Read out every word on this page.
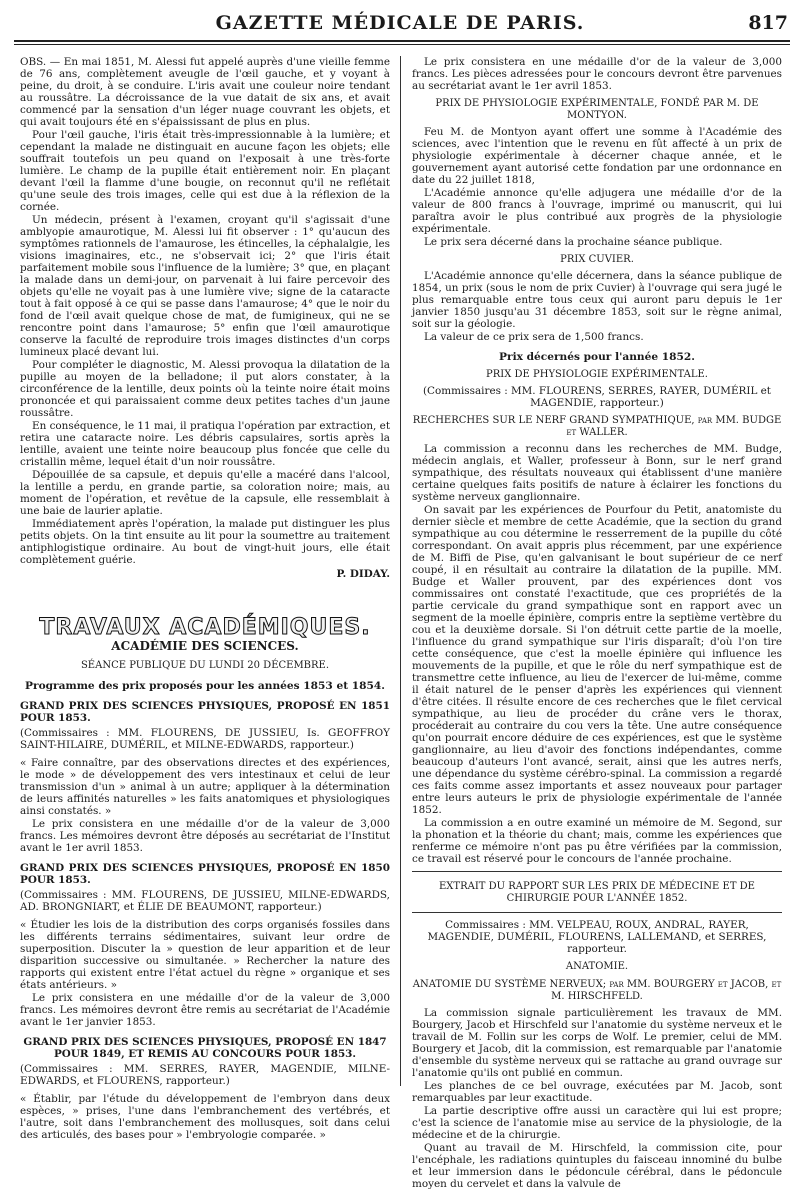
GAZETTE MÉDICALE DE PARIS.	817

OBS. — En mai 1851, M. Alessi fut appelé auprès d'une vieille femme de 76 ans, complètement aveugle de l'œil gauche, et y voyant à peine, du droit, à se conduire. L'iris avait une couleur noire tendant au roussâtre. La décroissance de la vue datait de six ans, et avait commencé par la sensation d'un léger nuage couvrant les objets, et qui avait toujours été en s'épaississant de plus en plus.

Pour l'œil gauche, l'iris était très-impressionnable à la lumière; et cependant la malade ne distinguait en aucune façon les objets; elle souffrait toutefois un peu quand on l'exposait à une très-forte lumière. Le champ de la pupille était entièrement noir. En plaçant devant l'œil la flamme d'une bougie, on reconnut qu'il ne reflétait qu'une seule des trois images, celle qui est due à la réflexion de la cornée.

Un médecin, présent à l'examen, croyant qu'il s'agissait d'une amblyopie amaurotique, M. Alessi lui fit observer : 1° qu'aucun des symptômes rationnels de l'amaurose, les étincelles, la céphalalgie, les visions imaginaires, etc., ne s'observait ici; 2° que l'iris était parfaitement mobile sous l'influence de la lumière; 3° que, en plaçant la malade dans un demi-jour, on parvenait à lui faire percevoir des objets qu'elle ne voyait pas à une lumière vive; signe de la cataracte tout à fait opposé à ce qui se passe dans l'amaurose; 4° que le noir du fond de l'œil avait quelque chose de mat, de fumigineux, qui ne se rencontre point dans l'amaurose; 5° enfin que l'œil amaurotique conserve la faculté de reproduire trois images distinctes d'un corps lumineux placé devant lui.

Pour compléter le diagnostic, M. Alessi provoqua la dilatation de la pupille au moyen de la belladone; il put alors constater, à la circonférence de la lentille, deux points où la teinte noire était moins prononcée et qui paraissaient comme deux petites taches d'un jaune roussâtre.

En conséquence, le 11 mai, il pratiqua l'opération par extraction, et retira une cataracte noire. Les débris capsulaires, sortis après la lentille, avaient une teinte noire beaucoup plus foncée que celle du cristallin même, lequel était d'un noir roussâtre.

Dépouillée de sa capsule, et depuis qu'elle a macéré dans l'alcool, la lentille a perdu, en grande partie, sa coloration noire; mais, au moment de l'opération, et revêtue de la capsule, elle ressemblait à une baie de laurier aplatie.

Immédiatement après l'opération, la malade put distinguer les plus petits objets. On la tint ensuite au lit pour la soumettre au traitement antiphlogistique ordinaire. Au bout de vingt-huit jours, elle était complètement guérie.

P. DIDAY.

TRAVAUX ACADÉMIQUES.
ACADÉMIE DES SCIENCES.
SÉANCE PUBLIQUE DU LUNDI 20 DÉCEMBRE.
Programme des prix proposés pour les années 1853 et 1854.

GRAND PRIX DES SCIENCES PHYSIQUES, PROPOSÉ EN 1851 POUR 1853.

(Commissaires : MM. FLOURENS, DE JUSSIEU, Is. GEOFFROY SAINT-HILAIRE, DUMÉRIL, et MILNE-EDWARDS, rapporteur.)

« Faire connaître, par des observations directes et des expériences, le mode » de développement des vers intestinaux et celui de leur transmission d'un » animal à un autre; appliquer à la détermination de leurs affinités naturelles » les faits anatomiques et physiologiques ainsi constatés. »

Le prix consistera en une médaille d'or de la valeur de 3,000 francs. Les mémoires devront être déposés au secrétariat de l'Institut avant le 1er avril 1853.

GRAND PRIX DES SCIENCES PHYSIQUES, PROPOSÉ EN 1850 POUR 1853.

(Commissaires : MM. FLOURENS, DE JUSSIEU, MILNE-EDWARDS, AD. BRONGNIART, et ÉLIE DE BEAUMONT, rapporteur.)

« Étudier les lois de la distribution des corps organisés fossiles dans les différents terrains sédimentaires, suivant leur ordre de superposition. Discuter la » question de leur apparition et de leur disparition successive ou simultanée. » Rechercher la nature des rapports qui existent entre l'état actuel du règne » organique et ses états antérieurs. »

Le prix consistera en une médaille d'or de la valeur de 3,000 francs. Les mémoires devront être remis au secrétariat de l'Académie avant le 1er janvier 1853.

GRAND PRIX DES SCIENCES PHYSIQUES, PROPOSÉ EN 1847 POUR 1849, ET REMIS AU CONCOURS POUR 1853.

(Commissaires : MM. SERRES, RAYER, MAGENDIE, MILNE-EDWARDS, et FLOURENS, rapporteur.)

« Établir, par l'étude du développement de l'embryon dans deux espèces, » prises, l'une dans l'embranchement des vertébrés, et l'autre, soit dans l'embranchement des mollusques, soit dans celui des articulés, des bases pour » l'embryologie comparée. »

Le prix consistera en une médaille d'or de la valeur de 3,000 francs. Les pièces adressées pour le concours devront être parvenues au secrétariat avant le 1er avril 1853.

PRIX DE PHYSIOLOGIE EXPÉRIMENTALE, FONDÉ PAR M. DE MONTYON.

Feu M. de Montyon ayant offert une somme à l'Académie des sciences, avec l'intention que le revenu en fût affecté à un prix de physiologie expérimentale à décerner chaque année, et le gouvernement ayant autorisé cette fondation par une ordonnance en date du 22 juillet 1818,

L'Académie annonce qu'elle adjugera une médaille d'or de la valeur de 800 francs à l'ouvrage, imprimé ou manuscrit, qui lui paraîtra avoir le plus contribué aux progrès de la physiologie expérimentale.

Le prix sera décerné dans la prochaine séance publique.

PRIX CUVIER.

L'Académie annonce qu'elle décernera, dans la séance publique de 1854, un prix (sous le nom de prix Cuvier) à l'ouvrage qui sera jugé le plus remarquable entre tous ceux qui auront paru depuis le 1er janvier 1850 jusqu'au 31 décembre 1853, soit sur le règne animal, soit sur la géologie.

La valeur de ce prix sera de 1,500 francs.

Prix décernés pour l'année 1852.
PRIX DE PHYSIOLOGIE EXPÉRIMENTALE.

(Commissaires : MM. FLOURENS, SERRES, RAYER, DUMÉRIL et MAGENDIE, rapporteur.)

RECHERCHES SUR LE NERF GRAND SYMPATHIQUE, par MM. BUDGE et WALLER.

La commission a reconnu dans les recherches de MM. Budge, médecin anglais, et Waller, professeur à Bonn, sur le nerf grand sympathique, des résultats nouveaux qui établissent d'une manière certaine quelques faits positifs de nature à éclairer les fonctions du système nerveux ganglionnaire.

On savait par les expériences de Pourfour du Petit, anatomiste du dernier siècle et membre de cette Académie, que la section du grand sympathique au cou détermine le resserrement de la pupille du côté correspondant. On avait appris plus récemment, par une expérience de M. Biffi de Pise, qu'en galvanisant le bout supérieur de ce nerf coupé, il en résultait au contraire la dilatation de la pupille. MM. Budge et Waller prouvent, par des expériences dont vos commissaires ont constaté l'exactitude, que ces propriétés de la partie cervicale du grand sympathique sont en rapport avec un segment de la moelle épinière, compris entre la septième vertèbre du cou et la deuxième dorsale. Si l'on détruit cette partie de la moelle, l'influence du grand sympathique sur l'iris disparaît; d'où l'on tire cette conséquence, que c'est la moelle épinière qui influence les mouvements de la pupille, et que le rôle du nerf sympathique est de transmettre cette influence, au lieu de l'exercer de lui-même, comme il était naturel de le penser d'après les expériences qui viennent d'être citées. Il résulte encore de ces recherches que le filet cervical sympathique, au lieu de procéder du crâne vers le thorax, procéderait au contraire du cou vers la tête. Une autre conséquence qu'on pourrait encore déduire de ces expériences, est que le système ganglionnaire, au lieu d'avoir des fonctions indépendantes, comme beaucoup d'auteurs l'ont avancé, serait, ainsi que les autres nerfs, une dépendance du système cérébro-spinal. La commission a regardé ces faits comme assez importants et assez nouveaux pour partager entre leurs auteurs le prix de physiologie expérimentale de l'année 1852.

La commission a en outre examiné un mémoire de M. Segond, sur la phonation et la théorie du chant; mais, comme les expériences que renferme ce mémoire n'ont pas pu être vérifiées par la commission, ce travail est réservé pour le concours de l'année prochaine.

EXTRAIT DU RAPPORT SUR LES PRIX DE MÉDECINE ET DE CHIRURGIE POUR L'ANNÉE 1852.

Commissaires : MM. VELPEAU, ROUX, ANDRAL, RAYER, MAGENDIE, DUMÉRIL, FLOURENS, LALLEMAND, et SERRES, rapporteur.

ANATOMIE.
ANATOMIE DU SYSTÈME NERVEUX; par MM. BOURGERY et JACOB, et M. HIRSCHFELD.

La commission signale particulièrement les travaux de MM. Bourgery, Jacob et Hirschfeld sur l'anatomie du système nerveux et le travail de M. Follin sur les corps de Wolf. Le premier, celui de MM. Bourgery et Jacob, dit la commission, est remarquable par l'anatomie d'ensemble du système nerveux qui se rattache au grand ouvrage sur l'anatomie qu'ils ont publié en commun.

Les planches de ce bel ouvrage, exécutées par M. Jacob, sont remarquables par leur exactitude.

La partie descriptive offre aussi un caractère qui lui est propre; c'est la science de l'anatomie mise au service de la physiologie, de la médecine et de la chirurgie.

Quant au travail de M. Hirschfeld, la commission cite, pour l'encéphale, les radiations quintuples du faisceau innominé du bulbe et leur immersion dans le pédoncule cérébral, dans le pédoncule moyen du cervelet et dans la valvule de
